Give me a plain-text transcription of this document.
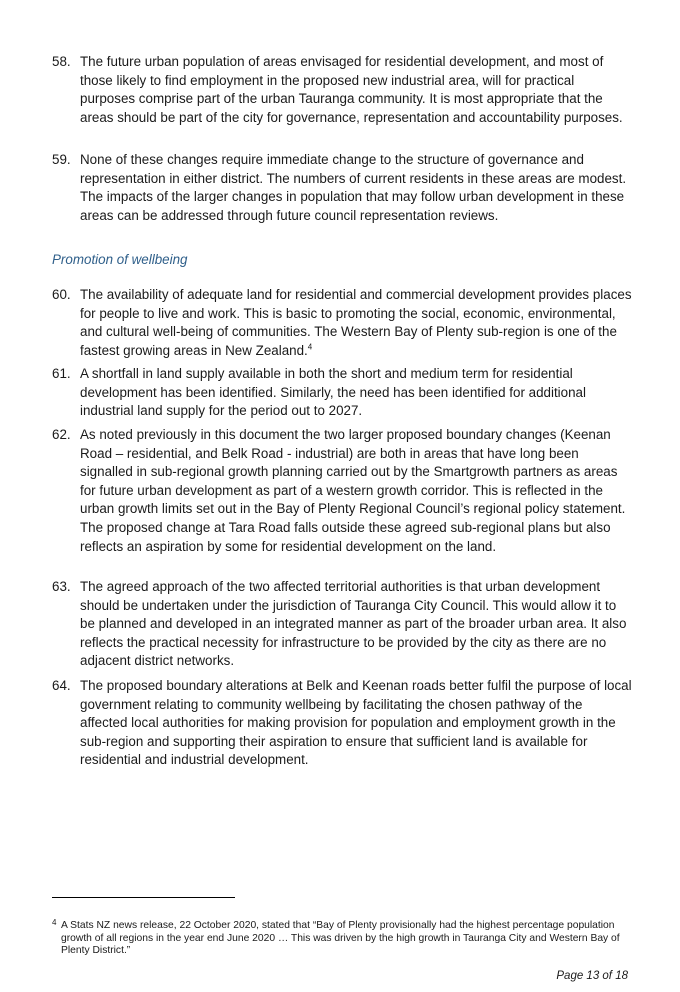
58. The future urban population of areas envisaged for residential development, and most of those likely to find employment in the proposed new industrial area, will for practical purposes comprise part of the urban Tauranga community. It is most appropriate that the areas should be part of the city for governance, representation and accountability purposes.
59. None of these changes require immediate change to the structure of governance and representation in either district. The numbers of current residents in these areas are modest. The impacts of the larger changes in population that may follow urban development in these areas can be addressed through future council representation reviews.
Promotion of wellbeing
60. The availability of adequate land for residential and commercial development provides places for people to live and work. This is basic to promoting the social, economic, environmental, and cultural well-being of communities. The Western Bay of Plenty sub-region is one of the fastest growing areas in New Zealand.$^4$
61. A shortfall in land supply available in both the short and medium term for residential development has been identified. Similarly, the need has been identified for additional industrial land supply for the period out to 2027.
62. As noted previously in this document the two larger proposed boundary changes (Keenan Road – residential, and Belk Road - industrial) are both in areas that have long been signalled in sub-regional growth planning carried out by the Smartgrowth partners as areas for future urban development as part of a western growth corridor. This is reflected in the urban growth limits set out in the Bay of Plenty Regional Council’s regional policy statement. The proposed change at Tara Road falls outside these agreed sub-regional plans but also reflects an aspiration by some for residential development on the land.
63. The agreed approach of the two affected territorial authorities is that urban development should be undertaken under the jurisdiction of Tauranga City Council. This would allow it to be planned and developed in an integrated manner as part of the broader urban area. It also reflects the practical necessity for infrastructure to be provided by the city as there are no adjacent district networks.
64. The proposed boundary alterations at Belk and Keenan roads better fulfil the purpose of local government relating to community wellbeing by facilitating the chosen pathway of the affected local authorities for making provision for population and employment growth in the sub-region and supporting their aspiration to ensure that sufficient land is available for residential and industrial development.
4 A Stats NZ news release, 22 October 2020, stated that “Bay of Plenty provisionally had the highest percentage population growth of all regions in the year end June 2020 … This was driven by the high growth in Tauranga City and Western Bay of Plenty District.”
Page 13 of 18
